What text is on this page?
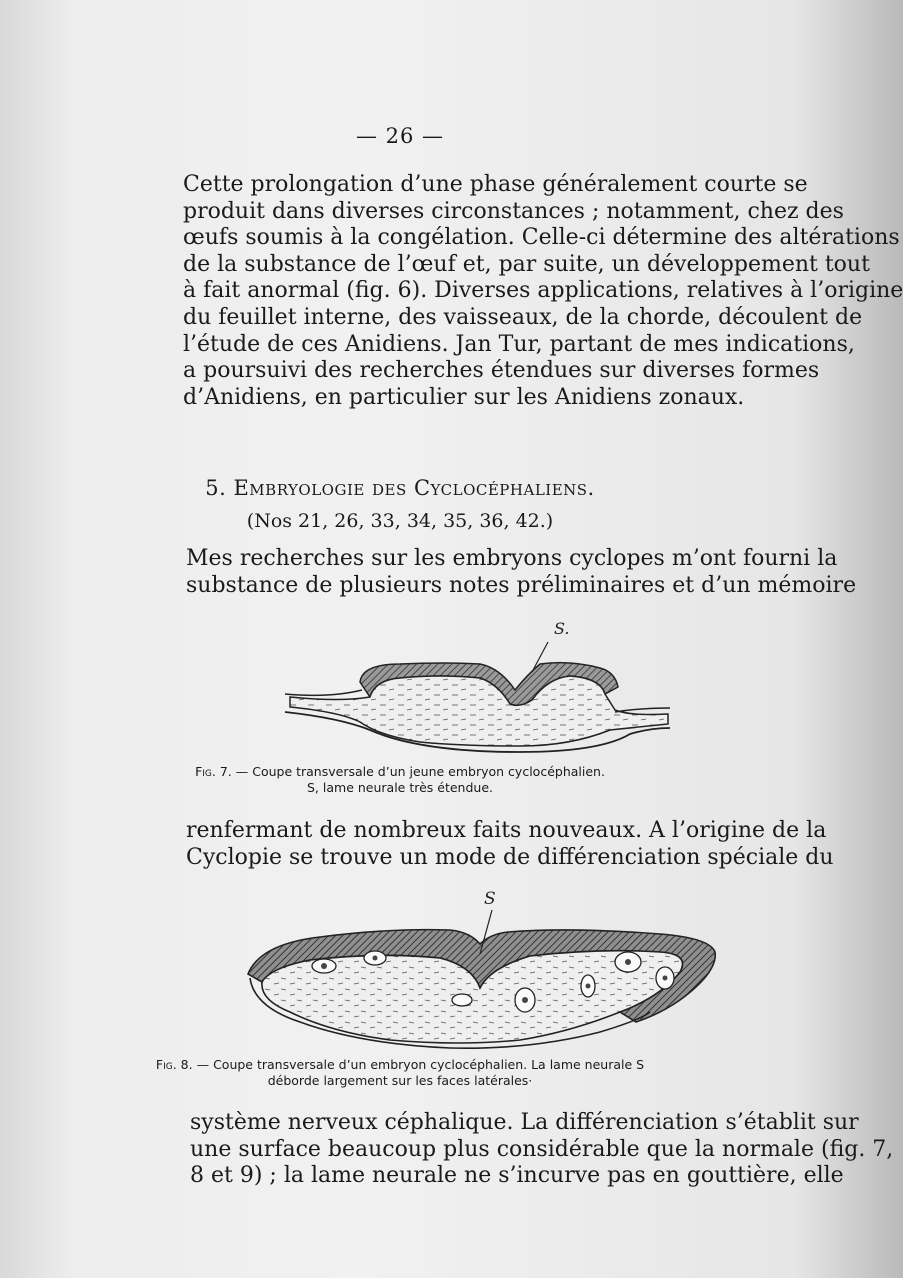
— 26 —
Cette prolongation d’une phase généralement courte se
produit dans diverses circonstances ; notamment, chez des
œufs soumis à la congélation. Celle-ci détermine des altérations
de la substance de l’œuf et, par suite, un développement tout
à fait anormal (fig. 6). Diverses applications, relatives à l’origine
du feuillet interne, des vaisseaux, de la chorde, découlent de
l’étude de ces Anidiens. Jan Tur, partant de mes indications,
a poursuivi des recherches étendues sur diverses formes
d’Anidiens, en particulier sur les Anidiens zonaux.
5. Embryologie des Cyclocéphaliens.
(Nos 21, 26, 33, 34, 35, 36, 42.)
Mes recherches sur les embryons cyclopes m’ont fourni la
substance de plusieurs notes préliminaires et d’un mémoire
S.
Fig. 7. — Coupe transversale d’un jeune embryon cyclocéphalien.
S, lame neurale très étendue.
renfermant de nombreux faits nouveaux. A l’origine de la
Cyclopie se trouve un mode de différenciation spéciale du
S
Fig. 8. — Coupe transversale d’un embryon cyclocéphalien. La lame neurale S
déborde largement sur les faces latérales·
système nerveux céphalique. La différenciation s’établit sur
une surface beaucoup plus considérable que la normale (fig. 7,
8 et 9) ; la lame neurale ne s’incurve pas en gouttière, elle
